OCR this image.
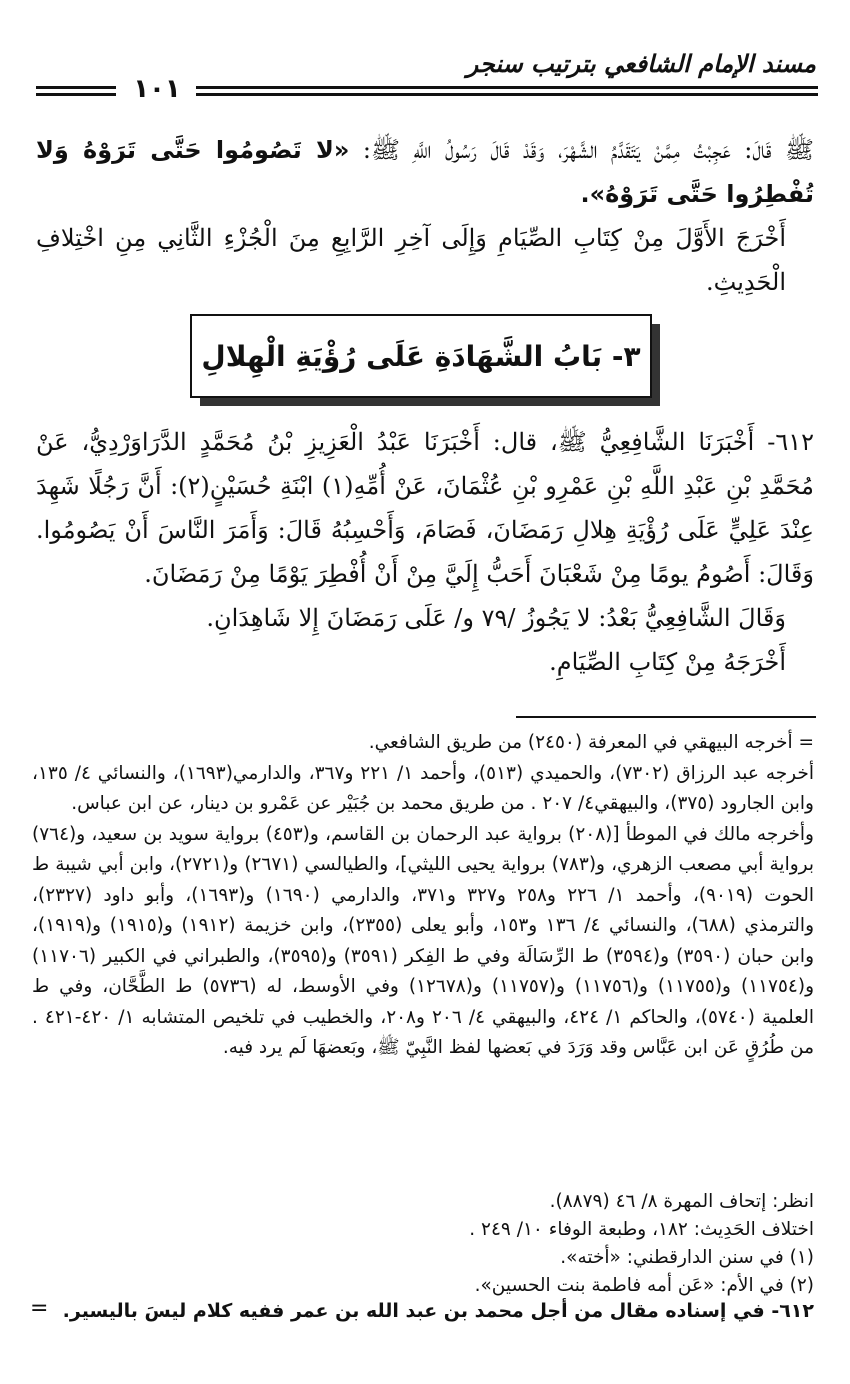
مسند الإمام الشافعي بترتيب سنجر
١٠١
ﷺ قَالَ: عَجِبْتُ مِمَّنْ يَتَقَدَّمُ الشَّهْرَ، وَقَدْ قَالَ رَسُولُ اللَّهِ ﷺ: «لا تَصُومُوا حَتَّى تَرَوْهُ وَلا تُفْطِرُوا حَتَّى تَرَوْهُ».
أَخْرَجَ الأَوَّلَ مِنْ كِتَابِ الصِّيَامِ وَإِلَى آخِرِ الرَّابِعِ مِنَ الْجُزْءِ الثَّانِي مِنِ اخْتِلافِ الْحَدِيثِ.
٣- بَابُ الشَّهَادَةِ عَلَى رُؤْيَةِ الْهِلالِ
٦١٢- أَخْبَرَنَا الشَّافِعِيُّ ﷺ، قال: أَخْبَرَنَا عَبْدُ الْعَزِيزِ بْنُ مُحَمَّدٍ الدَّرَاوَرْدِيُّ، عَنْ مُحَمَّدِ بْنِ عَبْدِ اللَّهِ بْنِ عَمْرِو بْنِ عُثْمَانَ، عَنْ أُمِّهِ(١) ابْنَةِ حُسَيْنٍ(٢): أَنَّ رَجُلًا شَهِدَ عِنْدَ عَلِيٍّ عَلَى رُؤْيَةِ هِلالِ رَمَضَانَ، فَصَامَ، وَأَحْسِبُهُ قَالَ: وَأَمَرَ النَّاسَ أَنْ يَصُومُوا. وَقَالَ: أَصُومُ يومًا مِنْ شَعْبَانَ أَحَبُّ إِلَيَّ مِنْ أَنْ أُفْطِرَ يَوْمًا مِنْ رَمَضَانَ.
وَقَالَ الشَّافِعِيُّ بَعْدُ: لا يَجُوزُ /٧٩ و/ عَلَى رَمَضَانَ إِلا شَاهِدَانِ.
أَخْرَجَهُ مِنْ كِتَابِ الصِّيَامِ.

= أخرجه البيهقي في المعرفة (٢٤٥٠) من طريق الشافعي.

أخرجه عبد الرزاق (٧٣٠٢)، والحميدي (٥١٣)، وأحمد ١/ ٢٢١ و٣٦٧، والدارمي(١٦٩٣)، والنسائي ٤/ ١٣٥، وابن الجارود (٣٧٥)، والبيهقي٤/ ٢٠٧ . من طريق محمد بن جُبَيْر عن عَمْرو بن دينار، عن ابن عباس.

وأخرجه مالك في الموطأ [(٢٠٨) برواية عبد الرحمان بن القاسم، و(٤٥٣) برواية سويد بن سعيد، و(٧٦٤) برواية أبي مصعب الزهري، و(٧٨٣) برواية يحيى الليثي]، والطيالسي (٢٦٧١) و(٢٧٢١)، وابن أبي شيبة ط الحوت (٩٠١٩)، وأحمد ١/ ٢٢٦ و٢٥٨ و٣٢٧ و٣٧١، والدارمي (١٦٩٠) و(١٦٩٣)، وأبو داود (٢٣٢٧)، والترمذي (٦٨٨)، والنسائي ٤/ ١٣٦ و١٥٣، وأبو يعلى (٢٣٥٥)، وابن خزيمة (١٩١٢) و(١٩١٥) و(١٩١٩)، وابن حبان (٣٥٩٠) و(٣٥٩٤) ط الرِّسَالَة وفي ط الفِكر (٣٥٩١) و(٣٥٩٥)، والطبراني في الكبير (١١٧٠٦) و(١١٧٥٤) و(١١٧٥٥) و(١١٧٥٦) و(١١٧٥٧) و(١٢٦٧٨) وفي الأوسط، له (٥٧٣٦) ط الطَّحَّان، وفي ط العلمية (٥٧٤٠)، والحاكم ١/ ٤٢٤، والبيهقي ٤/ ٢٠٦ و٢٠٨، والخطيب في تلخيص المتشابه ١/ ٤٢٠-٤٢١ . من طُرُقٍ عَن ابن عَبَّاس وقد وَرَدَ في بَعضها لفظ النَّبِيّ ﷺ، وبَعضهَا لَم يرد فيه.

انظر: إتحاف المهرة ٨/ ٤٦ (٨٨٧٩).

اختلاف الحَدِيث: ١٨٢، وطبعة الوفاء ١٠/ ٢٤٩ .

(١) في سنن الدارقطني: «أخته».

(٢) في الأم: «عَن أمه فاطمة بنت الحسين».

٦١٢- في إسناده مقال من أجل محمد بن عبد الله بن عمر ففيه كلام ليسَ باليسير.
=
